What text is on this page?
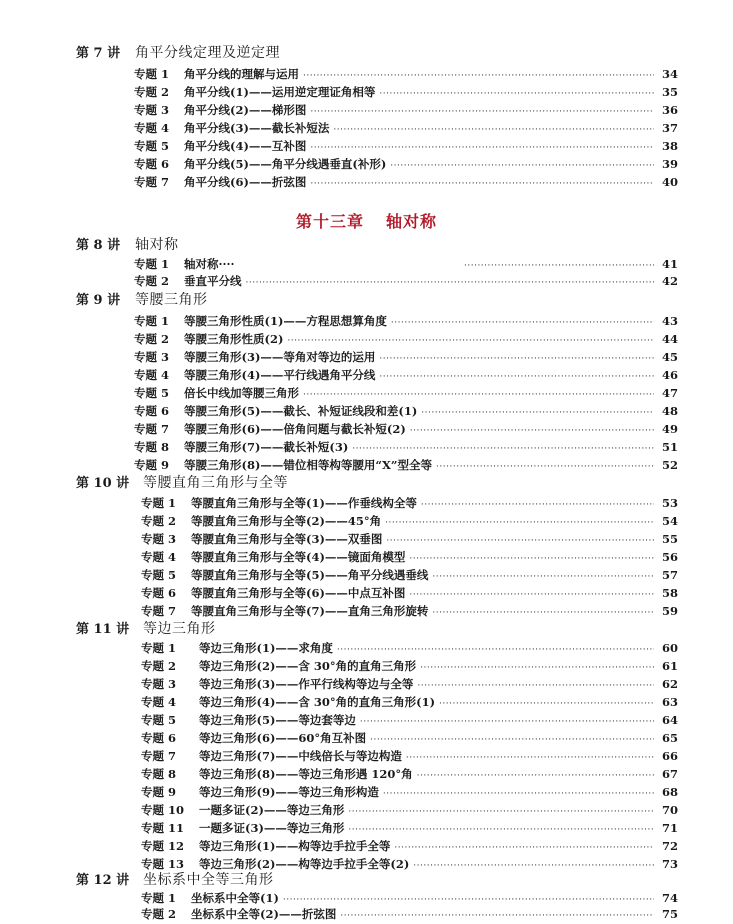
第 7 讲 角平分线定理及逆定理
专题 1	角平分线的理解与运用 ·····	34
专题 2	角平分线(1)——运用逆定理证角相等 ·····	35
专题 3	角平分线(2)——梯形图 ·····	36
专题 4	角平分线(3)——截长补短法 ·····	37
专题 5	角平分线(4)——互补图 ·····	38
专题 6	角平分线(5)——角平分线遇垂直(补形) ·····	39
专题 7	角平分线(6)——折弦图 ·····	40
第十三章 轴对称
第 8 讲 轴对称
专题 1	轴对称···· ·····	41
专题 2	垂直平分线 ·····	42
第 9 讲 等腰三角形
专题 1	等腰三角形性质(1)——方程思想算角度 ·····	43
专题 2	等腰三角形性质(2) ·····	44
专题 3	等腰三角形(3)——等角对等边的运用 ·····	45
专题 4	等腰三角形(4)——平行线遇角平分线 ·····	46
专题 5	倍长中线加等腰三角形 ·····	47
专题 6	等腰三角形(5)——截长、补短证线段和差(1) ·····	48
专题 7	等腰三角形(6)——倍角问题与截长补短(2) ·····	49
专题 8	等腰三角形(7)——截长补短(3) ·····	51
专题 9	等腰三角形(8)——错位相等构等腰用“X”型全等 ·····	52
第 10 讲 等腰直角三角形与全等
专题 1	等腰直角三角形与全等(1)——作垂线构全等 ·····	53
专题 2	等腰直角三角形与全等(2)——45°角 ·····	54
专题 3	等腰直角三角形与全等(3)——双垂图 ·····	55
专题 4	等腰直角三角形与全等(4)——镜面角模型 ·····	56
专题 5	等腰直角三角形与全等(5)——角平分线遇垂线 ·····	57
专题 6	等腰直角三角形与全等(6)——中点互补图 ·····	58
专题 7	等腰直角三角形与全等(7)——直角三角形旋转 ·····	59
第 11 讲 等边三角形
专题 1	等边三角形(1)——求角度 ·····	60
专题 2	等边三角形(2)——含 30°角的直角三角形 ·····	61
专题 3	等边三角形(3)——作平行线构等边与全等 ·····	62
专题 4	等边三角形(4)——含 30°角的直角三角形(1) ·····	63
专题 5	等边三角形(5)——等边套等边 ·····	64
专题 6	等边三角形(6)——60°角互补图 ·····	65
专题 7	等边三角形(7)——中线倍长与等边构造 ·····	66
专题 8	等边三角形(8)——等边三角形遇 120°角 ·····	67
专题 9	等边三角形(9)——等边三角形构造 ·····	68
专题 10	一题多证(2)——等边三角形 ·····	70
专题 11	一题多证(3)——等边三角形 ·····	71
专题 12	等边三角形(1)——构等边手拉手全等 ·····	72
专题 13	等边三角形(2)——构等边手拉手全等(2) ·····	73
第 12 讲 坐标系中全等三角形
专题 1	坐标系中全等(1) ·····	74
专题 2	坐标系中全等(2)——折弦图 ·····	75
